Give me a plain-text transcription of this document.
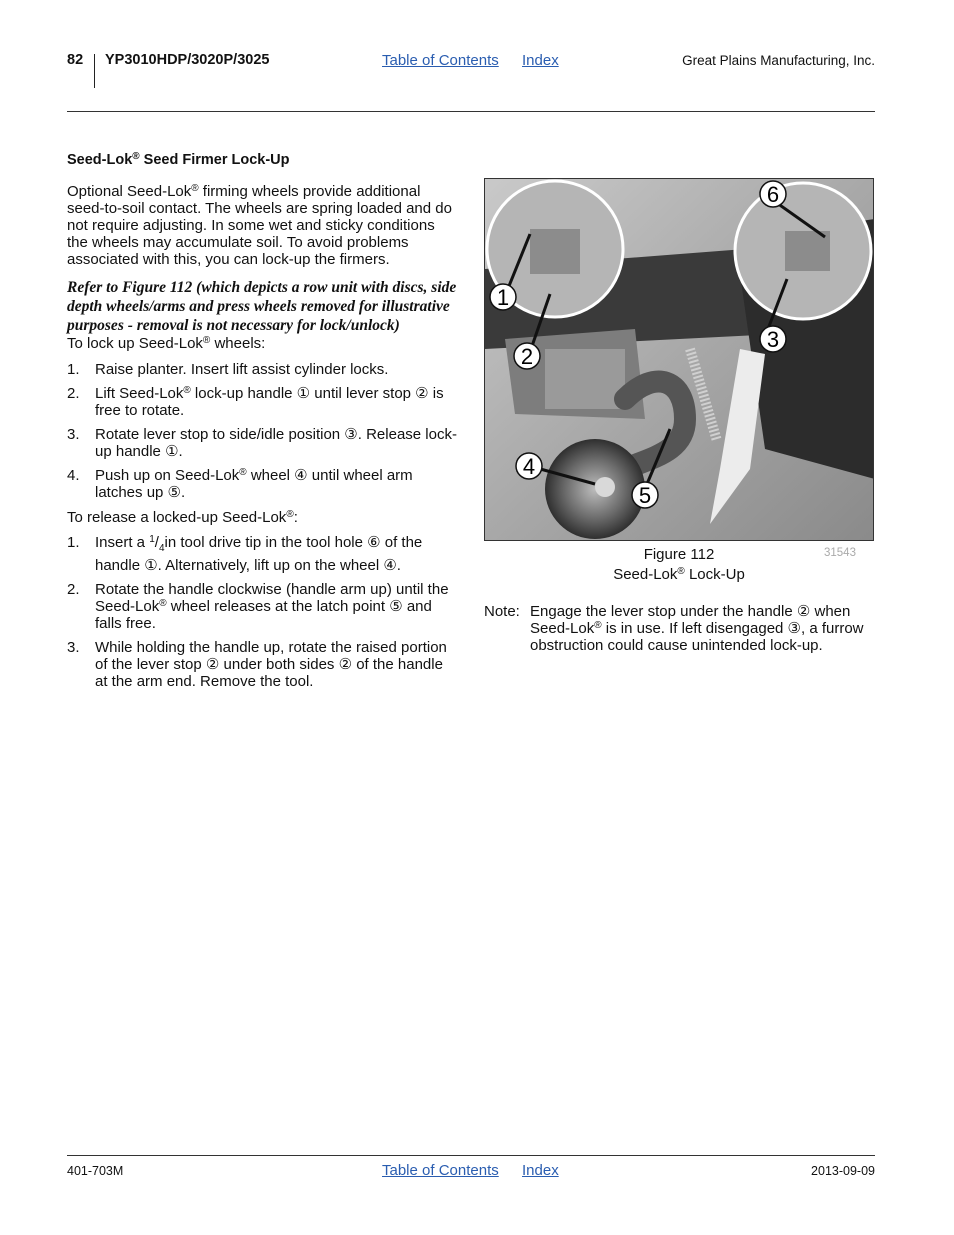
82 YP3010HDP/3020P/3025	Table of Contents Index	Great Plains Manufacturing, Inc.
Seed-Lok® Seed Firmer Lock-Up

Optional Seed-Lok® firming wheels provide additional seed-to-soil contact. The wheels are spring loaded and do not require adjusting. In some wet and sticky conditions the wheels may accumulate soil. To avoid problems associated with this, you can lock-up the firmers.

Refer to Figure 112 (which depicts a row unit with discs, side depth wheels/arms and press wheels removed for illustrative purposes - removal is not necessary for lock/unlock)

To lock up Seed-Lok® wheels:

1. Raise planter. Insert lift assist cylinder locks.
2. Lift Seed-Lok® lock-up handle ① until lever stop ② is free to rotate.
3. Rotate lever stop to side/idle position ③. Release lock-up handle ①.
4. Push up on Seed-Lok® wheel ④ until wheel arm latches up ⑤.

To release a locked-up Seed-Lok®:

1. Insert a $^1/_4in$ tool drive tip in the tool hole ⑥ of the handle ①. Alternatively, lift up on the wheel ④.
2. Rotate the handle clockwise (handle arm up) until the Seed-Lok® wheel releases at the latch point ⑤ and falls free.
3. While holding the handle up, rotate the raised portion of the lever stop ② under both sides ② of the handle at the arm end. Remove the tool.
1
2
3
4
5
6
Figure 112
Seed-Lok® Lock-Up
31543
Note: Engage the lever stop under the handle ② when Seed-Lok® is in use. If left disengaged ③, a furrow obstruction could cause unintended lock-up.
401-703M	Table of Contents Index	2013-09-09
